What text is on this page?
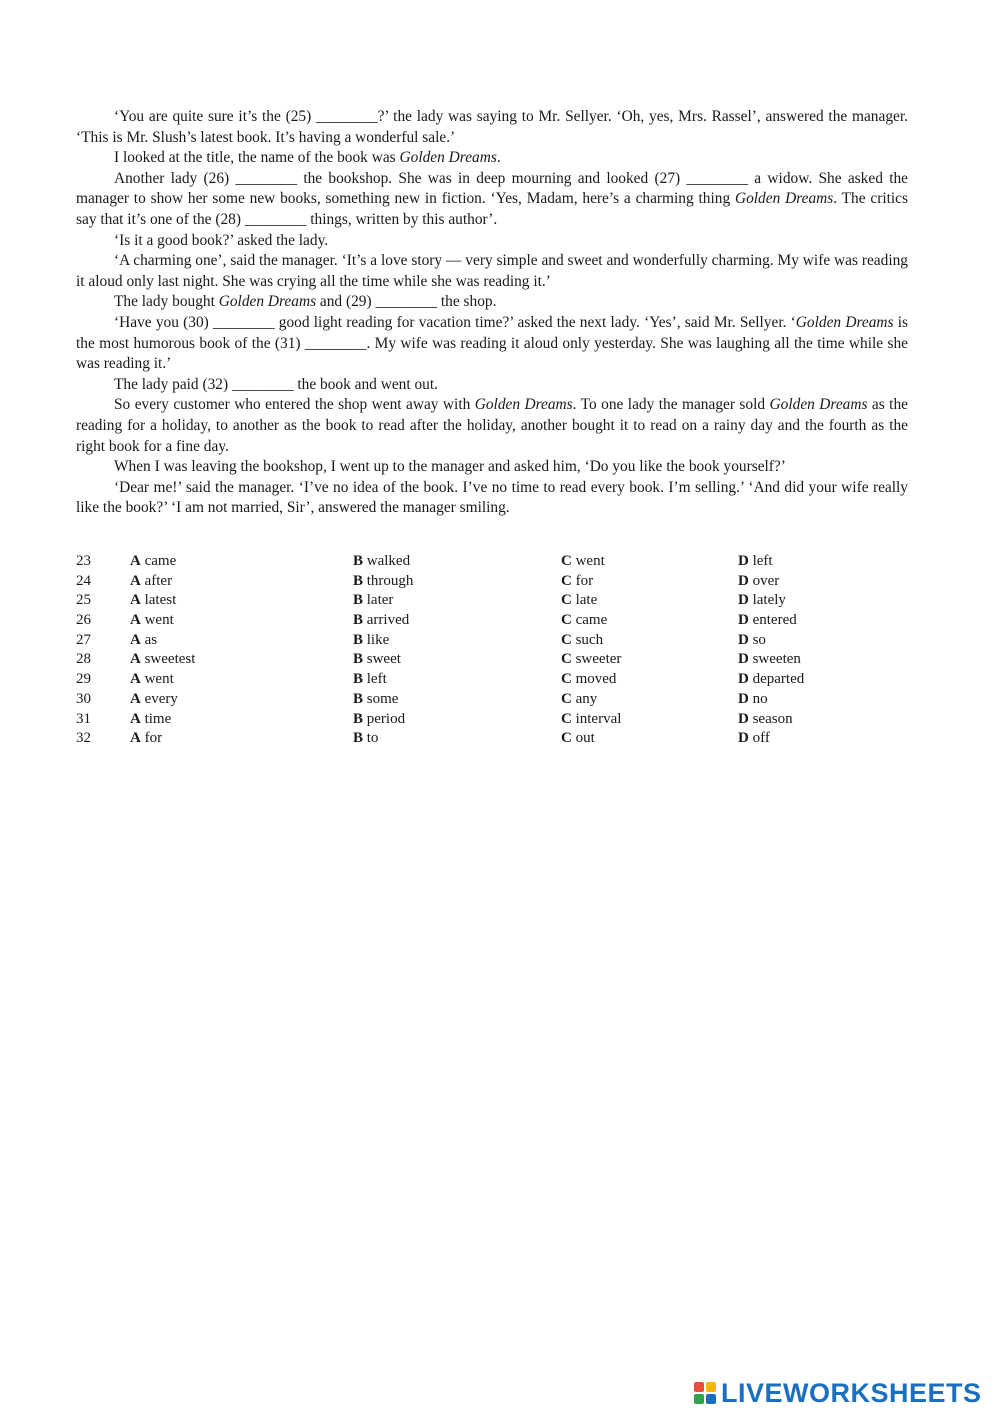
‘You are quite sure it’s the (25) ________?’ the lady was saying to Mr. Sellyer. ‘Oh, yes, Mrs. Rassel’, answered the manager. ‘This is Mr. Slush’s latest book. It’s having a wonderful sale.’

I looked at the title, the name of the book was Golden Dreams.

Another lady (26) ________ the bookshop. She was in deep mourning and looked (27) ________ a widow. She asked the manager to show her some new books, something new in fiction. ‘Yes, Madam, here’s a charming thing Golden Dreams. The critics say that it’s one of the (28) ________ things, written by this author’.

‘Is it a good book?’ asked the lady.

‘A charming one’, said the manager. ‘It’s a love story — very simple and sweet and wonderfully charming. My wife was reading it aloud only last night. She was crying all the time while she was reading it.’

The lady bought Golden Dreams and (29) ________ the shop.

‘Have you (30) ________ good light reading for vacation time?’ asked the next lady. ‘Yes’, said Mr. Sellyer. ‘Golden Dreams is the most humorous book of the (31) ________. My wife was reading it aloud only yesterday. She was laughing all the time while she was reading it.’

The lady paid (32) ________ the book and went out.

So every customer who entered the shop went away with Golden Dreams. To one lady the manager sold Golden Dreams as the reading for a holiday, to another as the book to read after the holiday, another bought it to read on a rainy day and the fourth as the right book for a fine day.

When I was leaving the bookshop, I went up to the manager and asked him, ‘Do you like the book yourself?’

‘Dear me!’ said the manager. ‘I’ve no idea of the book. I’ve no time to read every book. I’m selling.’ ‘And did your wife really like the book?’ ‘I am not married, Sir’, answered the manager smiling.

23	A came	B walked	C went	D left
24	A after	B through	C for	D over
25	A latest	B later	C late	D lately
26	A went	B arrived	C came	D entered
27	A as	B like	C such	D so
28	A sweetest	B sweet	C sweeter	D sweeten
29	A went	B left	C moved	D departed
30	A every	B some	C any	D no
31	A time	B period	C interval	D season
32	A for	B to	C out	D off
LIVEWORKSHEETS
